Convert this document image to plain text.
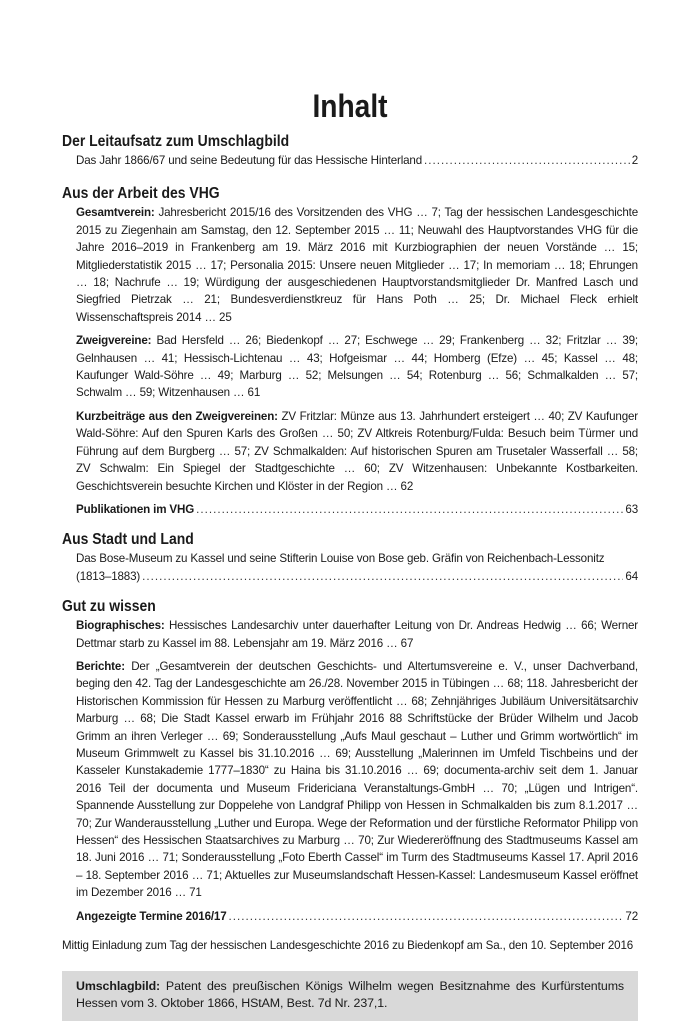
Inhalt
Der Leitaufsatz zum Umschlagbild
Das Jahr 1866/67 und seine Bedeutung für das Hessische Hinterland . . .	2
Aus der Arbeit des VHG
Gesamtverein: Jahresbericht 2015/16 des Vorsitzenden des VHG … 7; Tag der hessischen Landesgeschichte 2015 zu Ziegenhain am Samstag, den 12. September 2015 … 11; Neuwahl des Hauptvorstandes VHG für die Jahre 2016–2019 in Frankenberg am 19. März 2016 mit Kurzbiographien der neuen Vorstände … 15; Mitgliederstatistik 2015 … 17; Personalia 2015: Unsere neuen Mitglieder … 17; In memoriam … 18; Ehrungen … 18; Nachrufe … 19; Würdigung der ausgeschiedenen Hauptvorstandsmitglieder Dr. Manfred Lasch und Siegfried Pietrzak … 21; Bundesverdienstkreuz für Hans Poth … 25; Dr. Michael Fleck erhielt Wissenschaftspreis 2014 … 25
Zweigvereine: Bad Hersfeld … 26; Biedenkopf … 27; Eschwege … 29; Frankenberg … 32; Fritzlar … 39; Gelnhausen … 41; Hessisch-Lichtenau … 43; Hofgeismar … 44; Homberg (Efze) … 45; Kassel … 48; Kaufunger Wald-Söhre … 49; Marburg … 52; Melsungen … 54; Rotenburg … 56; Schmalkalden … 57; Schwalm … 59; Witzenhausen … 61
Kurzbeiträge aus den Zweigvereinen: ZV Fritzlar: Münze aus 13. Jahrhundert ersteigert … 40; ZV Kaufunger Wald-Söhre: Auf den Spuren Karls des Großen … 50; ZV Altkreis Rotenburg/Fulda: Besuch beim Türmer und Führung auf dem Burgberg … 57; ZV Schmalkalden: Auf historischen Spuren am Trusetaler Wasserfall … 58; ZV Schwalm: Ein Spiegel der Stadtgeschichte … 60; ZV Witzenhausen: Unbekannte Kostbarkeiten. Geschichtsverein besuchte Kirchen und Klöster in der Region … 62
Publikationen im VHG . . .	63
Aus Stadt und Land
Das Bose-Museum zu Kassel und seine Stifterin Louise von Bose geb. Gräfin von Reichenbach-Lessonitz
(1813–1883) . . .	64
Gut zu wissen
Biographisches: Hessisches Landesarchiv unter dauerhafter Leitung von Dr. Andreas Hedwig … 66; Werner Dettmar starb zu Kassel im 88. Lebensjahr am 19. März 2016 … 67
Berichte: Der „Gesamtverein der deutschen Geschichts- und Altertumsvereine e. V., unser Dachverband, beging den 42. Tag der Landesgeschichte am 26./28. November 2015 in Tübingen … 68; 118. Jahresbericht der Historischen Kommission für Hessen zu Marburg veröffentlicht … 68; Zehnjähriges Jubiläum Universitätsarchiv Marburg … 68; Die Stadt Kassel erwarb im Frühjahr 2016 88 Schriftstücke der Brüder Wilhelm und Jacob Grimm an ihren Verleger … 69; Sonderausstellung „Aufs Maul geschaut – Luther und Grimm wortwörtlich“ im Museum Grimmwelt zu Kassel bis 31.10.2016 … 69; Ausstellung „Malerinnen im Umfeld Tischbeins und der Kasseler Kunstakademie 1777–1830“ zu Haina bis 31.10.2016 … 69; documenta-archiv seit dem 1. Januar 2016 Teil der documenta und Museum Fridericiana Veranstaltungs-GmbH … 70; „Lügen und Intrigen“. Spannende Ausstellung zur Doppelehe von Landgraf Philipp von Hessen in Schmalkalden bis zum 8.1.2017 … 70; Zur Wanderausstellung „Luther und Europa. Wege der Reformation und der fürstliche Reformator Philipp von Hessen“ des Hessischen Staatsarchives zu Marburg … 70; Zur Wiedereröffnung des Stadtmuseums Kassel am 18. Juni 2016 … 71; Sonderausstellung „Foto Eberth Cassel“ im Turm des Stadtmuseums Kassel 17. April 2016 – 18. September 2016 … 71; Aktuelles zur Museumslandschaft Hessen-Kassel: Landesmuseum Kassel eröffnet im Dezember 2016 … 71
Angezeigte Termine 2016/17 . . .	72

Mittig Einladung zum Tag der hessischen Landesgeschichte 2016 zu Biedenkopf am Sa., den 10. September 2016

Umschlagbild: Patent des preußischen Königs Wilhelm wegen Besitznahme des Kurfürstentums Hessen vom 3. Oktober 1866, HStAM, Best. 7d Nr. 237,1.
